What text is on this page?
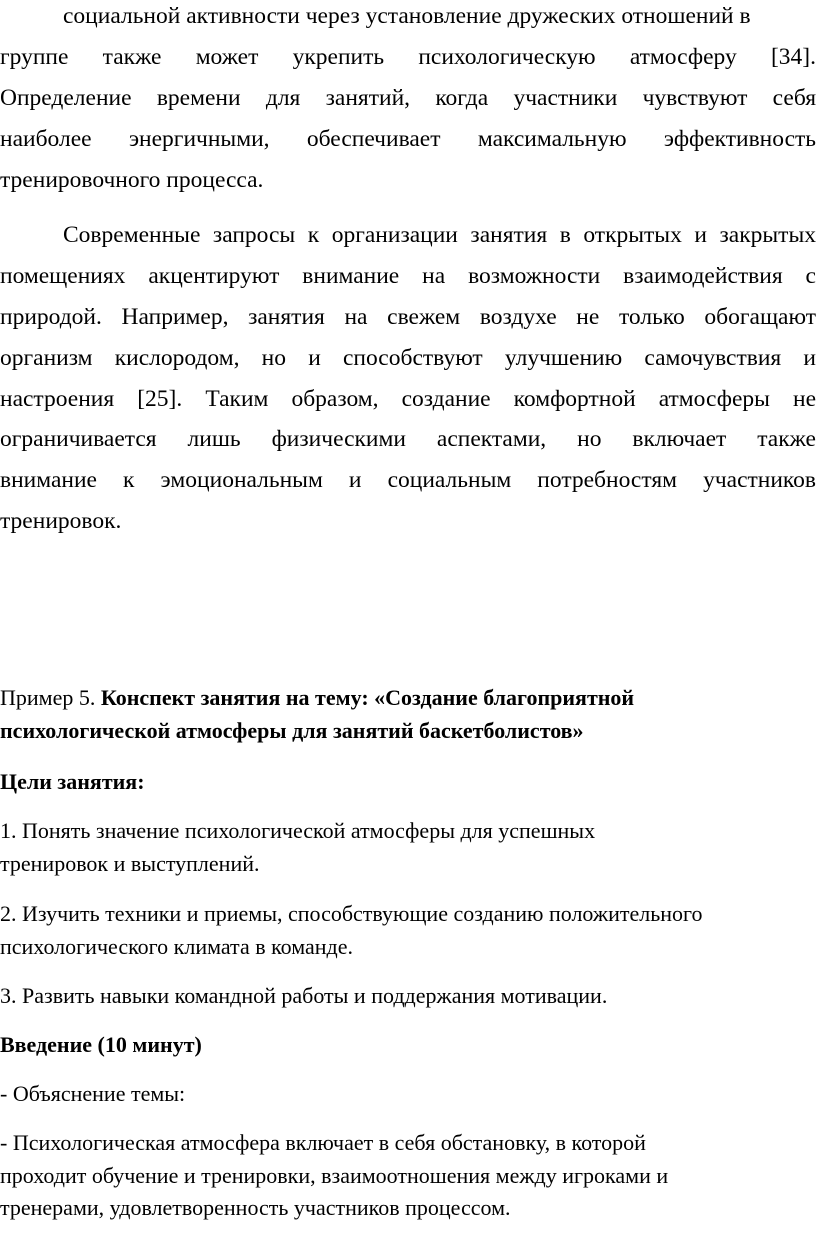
социальной активности через установление дружеских отношений в
группе также может укрепить психологическую атмосферу [34].
Определение времени для занятий, когда участники чувствуют себя
наиболее энергичными, обеспечивает максимальную эффективность
тренировочного процесса.
Современные запросы к организации занятия в открытых и закрытых
помещениях акцентируют внимание на возможности взаимодействия с
природой. Например, занятия на свежем воздухе не только обогащают
организм кислородом, но и способствуют улучшению самочувствия и
настроения [25]. Таким образом, создание комфортной атмосферы не
ограничивается лишь физическими аспектами, но включает также
внимание к эмоциональным и социальным потребностям участников
тренировок.
Пример 5. Конспект занятия на тему: «Создание благоприятной
психологической атмосферы для занятий баскетболистов»
Цели занятия:
1. Понять значение психологической атмосферы для успешных
тренировок и выступлений.
2. Изучить техники и приемы, способствующие созданию положительного
психологического климата в команде.
3. Развить навыки командной работы и поддержания мотивации.
Введение (10 минут)
- Объяснение темы:
- Психологическая атмосфера включает в себя обстановку, в которой
проходит обучение и тренировки, взаимоотношения между игроками и
тренерами, удовлетворенность участников процессом.
